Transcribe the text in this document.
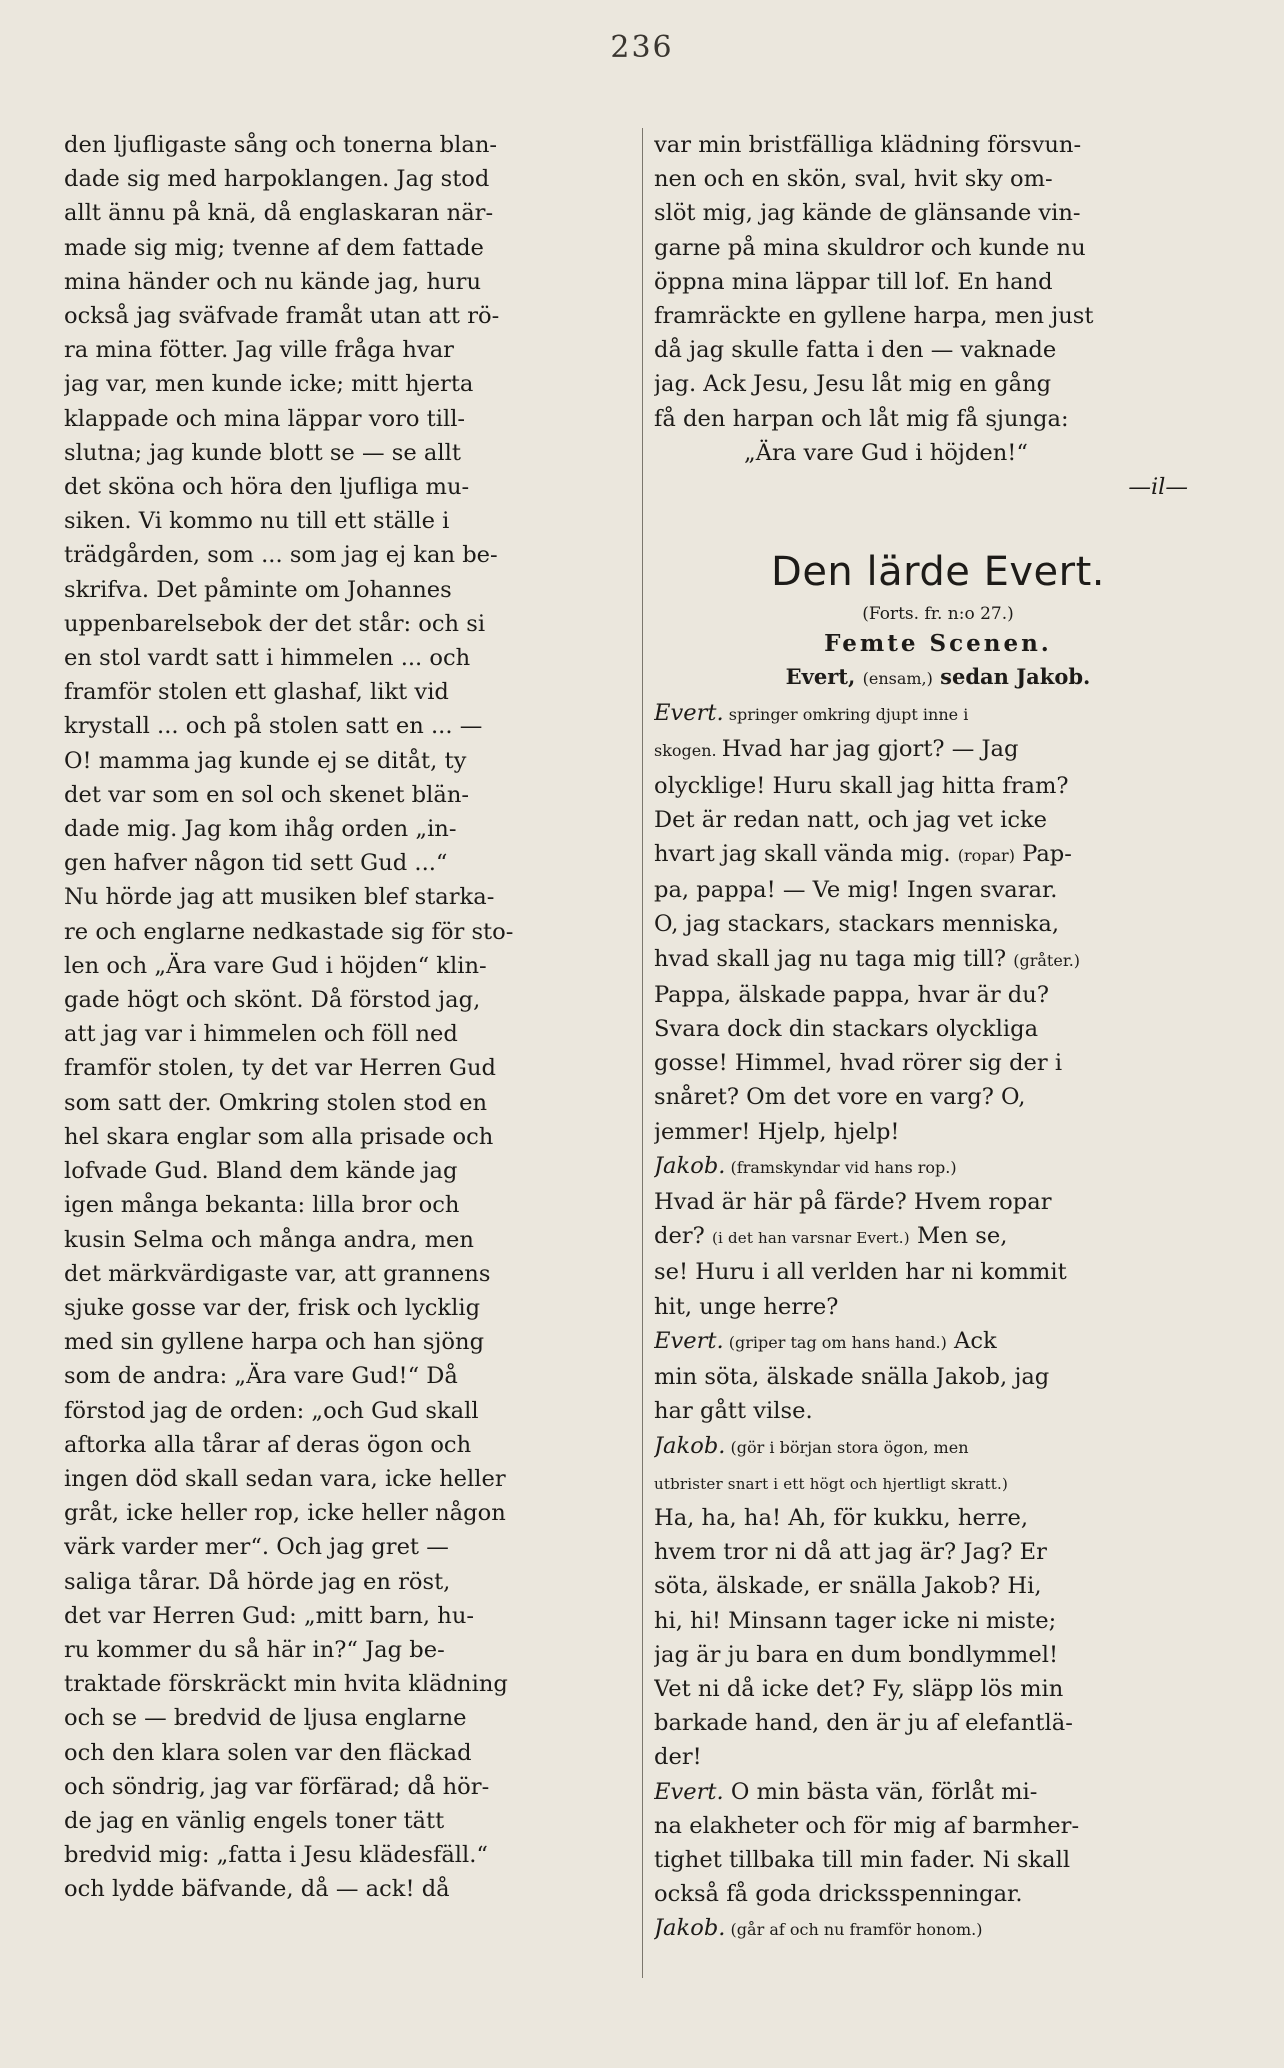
236
den ljufligaste sång och tonerna blan-
dade sig med harpoklangen. Jag stod
allt ännu på knä, då englaskaran när-
made sig mig; tvenne af dem fattade
mina händer och nu kände jag, huru
också jag sväfvade framåt utan att rö-
ra mina fötter. Jag ville fråga hvar
jag var, men kunde icke; mitt hjerta
klappade och mina läppar voro till-
slutna; jag kunde blott se — se allt
det sköna och höra den ljufliga mu-
siken. Vi kommo nu till ett ställe i
trädgården, som ... som jag ej kan be-
skrifva. Det påminte om Johannes
uppenbarelsebok der det står: och si
en stol vardt satt i himmelen ... och
framför stolen ett glashaf, likt vid
krystall ... och på stolen satt en ... —
O! mamma jag kunde ej se ditåt, ty
det var som en sol och skenet blän-
dade mig. Jag kom ihåg orden „in-
gen hafver någon tid sett Gud ...“
Nu hörde jag att musiken blef starka-
re och englarne nedkastade sig för sto-
len och „Ära vare Gud i höjden“ klin-
gade högt och skönt. Då förstod jag,
att jag var i himmelen och föll ned
framför stolen, ty det var Herren Gud
som satt der. Omkring stolen stod en
hel skara englar som alla prisade och
lofvade Gud. Bland dem kände jag
igen många bekanta: lilla bror och
kusin Selma och många andra, men
det märkvärdigaste var, att grannens
sjuke gosse var der, frisk och lycklig
med sin gyllene harpa och han sjöng
som de andra: „Ära vare Gud!“ Då
förstod jag de orden: „och Gud skall
aftorka alla tårar af deras ögon och
ingen död skall sedan vara, icke heller
gråt, icke heller rop, icke heller någon
värk varder mer“. Och jag gret —
saliga tårar. Då hörde jag en röst,
det var Herren Gud: „mitt barn, hu-
ru kommer du så här in?“ Jag be-
traktade förskräckt min hvita klädning
och se — bredvid de ljusa englarne
och den klara solen var den fläckad
och söndrig, jag var förfärad; då hör-
de jag en vänlig engels toner tätt
bredvid mig: „fatta i Jesu klädesfäll.“
och lydde bäfvande, då — ack! då
var min bristfälliga klädning försvun-
nen och en skön, sval, hvit sky om-
slöt mig, jag kände de glänsande vin-
garne på mina skuldror och kunde nu
öppna mina läppar till lof. En hand
framräckte en gyllene harpa, men just
då jag skulle fatta i den — vaknade
jag. Ack Jesu, Jesu låt mig en gång
få den harpan och låt mig få sjunga:
„Ära vare Gud i höjden!“
—il—
Den lärde Evert.
(Forts. fr. n:o 27.)
Femte Scenen.
Evert, (ensam,) sedan Jakob.
Evert. springer omkring djupt inne i
skogen. Hvad har jag gjort? — Jag
olycklige! Huru skall jag hitta fram?
Det är redan natt, och jag vet icke
hvart jag skall vända mig. (ropar) Pap-
pa, pappa! — Ve mig! Ingen svarar.
O, jag stackars, stackars menniska,
hvad skall jag nu taga mig till? (gråter.)
Pappa, älskade pappa, hvar är du?
Svara dock din stackars olyckliga
gosse! Himmel, hvad rörer sig der i
snåret? Om det vore en varg? O,
jemmer! Hjelp, hjelp!
Jakob. (framskyndar vid hans rop.)
Hvad är här på färde? Hvem ropar
der? (i det han varsnar Evert.) Men se,
se! Huru i all verlden har ni kommit
hit, unge herre?
Evert. (griper tag om hans hand.) Ack
min söta, älskade snälla Jakob, jag
har gått vilse.
Jakob. (gör i början stora ögon, men
utbrister snart i ett högt och hjertligt skratt.)
Ha, ha, ha! Ah, för kukku, herre,
hvem tror ni då att jag är? Jag? Er
söta, älskade, er snälla Jakob? Hi,
hi, hi! Minsann tager icke ni miste;
jag är ju bara en dum bondlymmel!
Vet ni då icke det? Fy, släpp lös min
barkade hand, den är ju af elefantlä-
der!
Evert. O min bästa vän, förlåt mi-
na elakheter och för mig af barmher-
tighet tillbaka till min fader. Ni skall
också få goda dricksspenningar.
Jakob. (går af och nu framför honom.)
